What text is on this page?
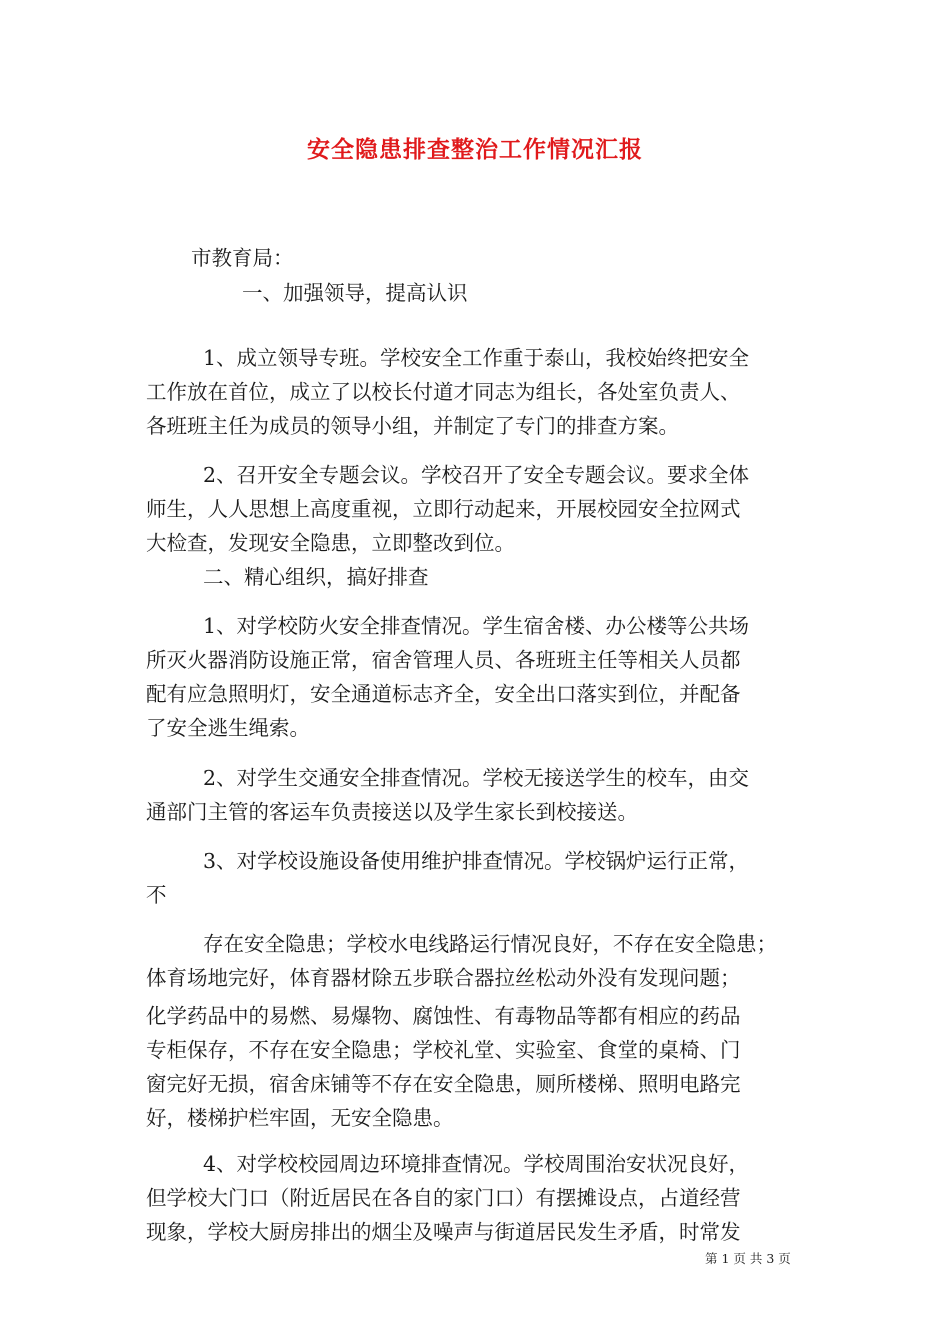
安全隐患排查整治工作情况汇报
市教育局：
一、加强领导，提高认识
1、成立领导专班。学校安全工作重于泰山，我校始终把安全
工作放在首位，成立了以校长付道才同志为组长，各处室负责人、
各班班主任为成员的领导小组，并制定了专门的排查方案。
2、召开安全专题会议。学校召开了安全专题会议。要求全体
师生，人人思想上高度重视，立即行动起来，开展校园安全拉网式
大检查，发现安全隐患，立即整改到位。
二、精心组织，搞好排查
1、对学校防火安全排查情况。学生宿舍楼、办公楼等公共场
所灭火器消防设施正常，宿舍管理人员、各班班主任等相关人员都
配有应急照明灯，安全通道标志齐全，安全出口落实到位，并配备
了安全逃生绳索。
2、对学生交通安全排查情况。学校无接送学生的校车，由交
通部门主管的客运车负责接送以及学生家长到校接送。
3、对学校设施设备使用维护排查情况。学校锅炉运行正常，
不
存在安全隐患；学校水电线路运行情况良好，不存在安全隐患；
体育场地完好，体育器材除五步联合器拉丝松动外没有发现问题；
化学药品中的易燃、易爆物、腐蚀性、有毒物品等都有相应的药品
专柜保存，不存在安全隐患；学校礼堂、实验室、食堂的桌椅、门
窗完好无损，宿舍床铺等不存在安全隐患，厕所楼梯、照明电路完
好，楼梯护栏牢固，无安全隐患。
4、对学校校园周边环境排查情况。学校周围治安状况良好，
但学校大门口（附近居民在各自的家门口）有摆摊设点，占道经营
现象，学校大厨房排出的烟尘及噪声与街道居民发生矛盾，时常发
第 1 页 共 3 页
